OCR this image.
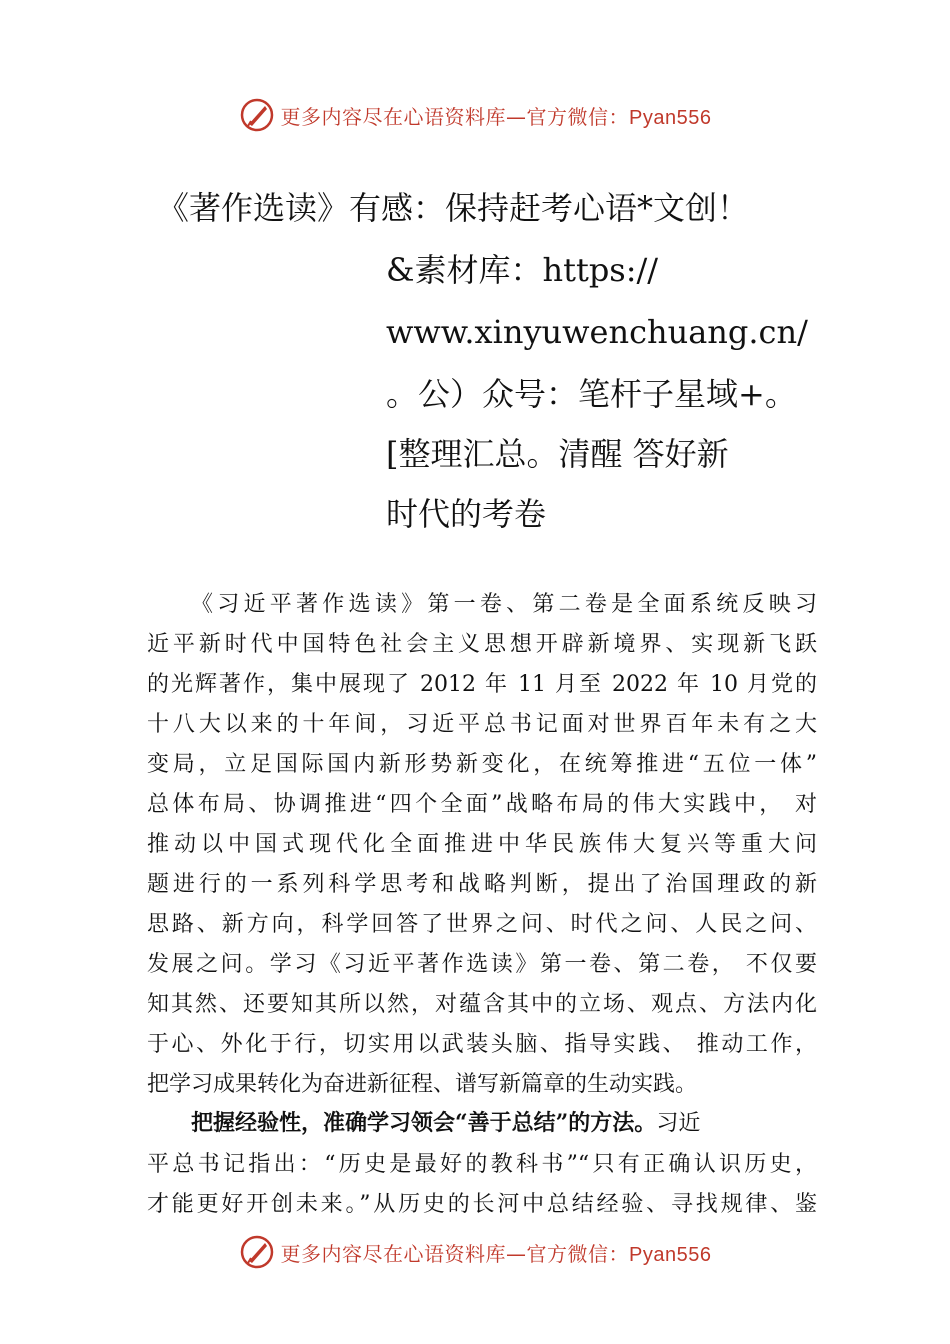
更多内容尽在心语资料库—官方微信：Pyan556
《著作选读》有感：保持赶考心语*文创！
&素材库：https://
www.xinyuwenchuang.cn/
。公）众号：笔杆子星域+。
[整理汇总。清醒 答好新
时代的考卷
《习近平著作选读》第一卷、第二卷是全面系统反映习
近平新时代中国特色社会主义思想开辟新境界、实现新飞跃
的光辉著作，集中展现了 2012 年 11 月至 2022 年 10 月党的
十八大以来的十年间，习近平总书记面对世界百年未有之大
变局，立足国际国内新形势新变化，在统筹推进“五位一体”
总体布局、协调推进“四个全面”战略布局的伟大实践中， 对
推动以中国式现代化全面推进中华民族伟大复兴等重大问
题进行的一系列科学思考和战略判断，提出了治国理政的新
思路、新方向，科学回答了世界之问、时代之问、人民之问、
发展之问。学习《习近平著作选读》第一卷、第二卷， 不仅要
知其然、还要知其所以然，对蕴含其中的立场、观点、方法内化
于心、外化于行，切实用以武装头脑、指导实践、 推动工作，
把学习成果转化为奋进新征程、谱写新篇章的生动实践。
把握经验性，准确学习领会“善于总结”的方法。习近
平总书记指出：“历史是最好的教科书”“只有正确认识历史，
才能更好开创未来。”从历史的长河中总结经验、寻找规律、鉴
更多内容尽在心语资料库—官方微信：Pyan556
